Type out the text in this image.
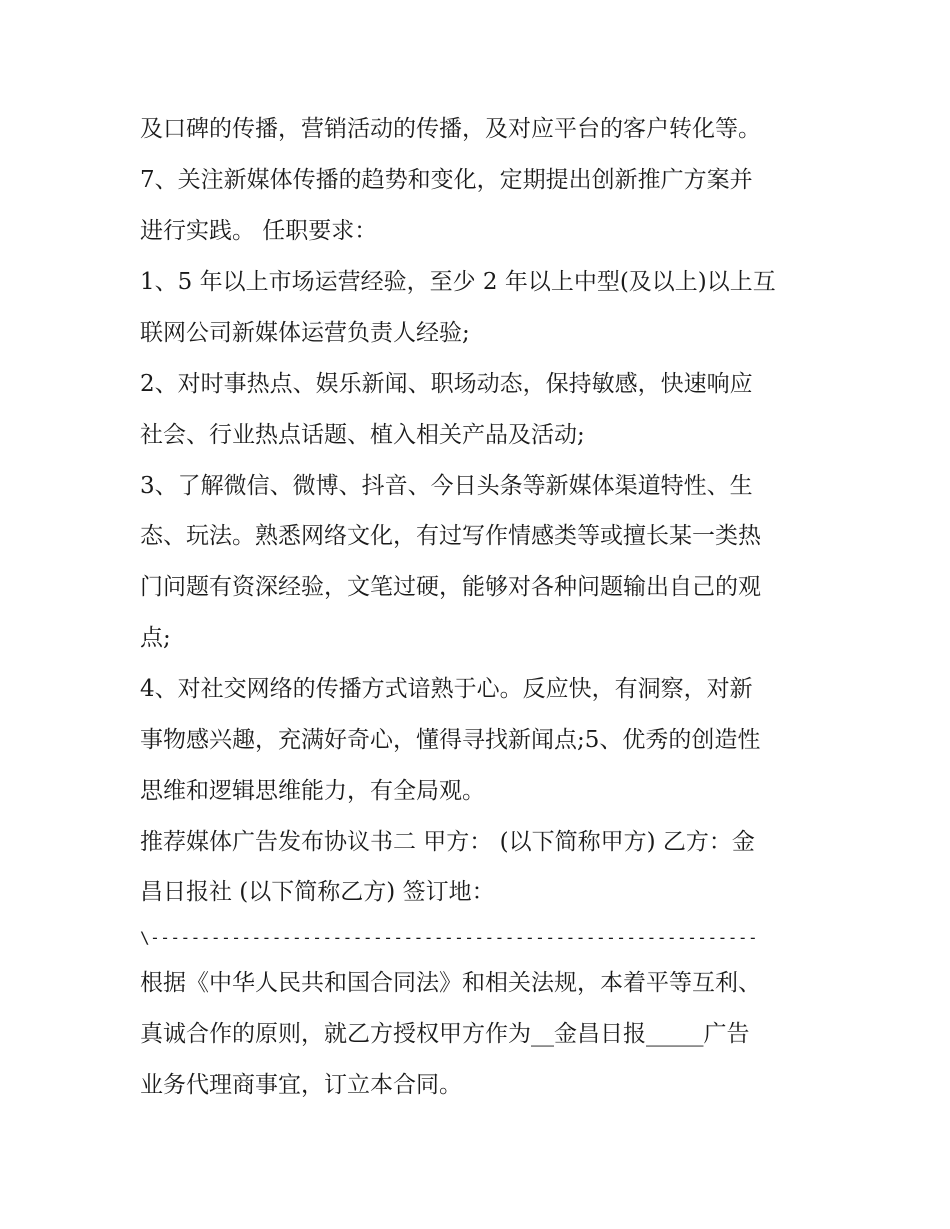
及口碑的传播，营销活动的传播，及对应平台的客户转化等。

7、关注新媒体传播的趋势和变化，定期提出创新推广方案并

进行实践。 任职要求：

1、5 年以上市场运营经验，至少 2 年以上中型(及以上)以上互

联网公司新媒体运营负责人经验;

2、对时事热点、娱乐新闻、职场动态，保持敏感，快速响应

社会、行业热点话题、植入相关产品及活动;

3、了解微信、微博、抖音、今日头条等新媒体渠道特性、生

态、玩法。熟悉网络文化，有过写作情感类等或擅长某一类热

门问题有资深经验，文笔过硬，能够对各种问题输出自己的观

点;

4、对社交网络的传播方式谙熟于心。反应快，有洞察，对新

事物感兴趣，充满好奇心，懂得寻找新闻点;5、优秀的创造性

思维和逻辑思维能力，有全局观。

推荐媒体广告发布协议书二 甲方： (以下简称甲方) 乙方：金

昌日报社 (以下简称乙方) 签订地：

\------------------------------------------------------------

根据《中华人民共和国合同法》和相关法规，本着平等互利、

真诚合作的原则，就乙方授权甲方作为__金昌日报_____广告

业务代理商事宜，订立本合同。
